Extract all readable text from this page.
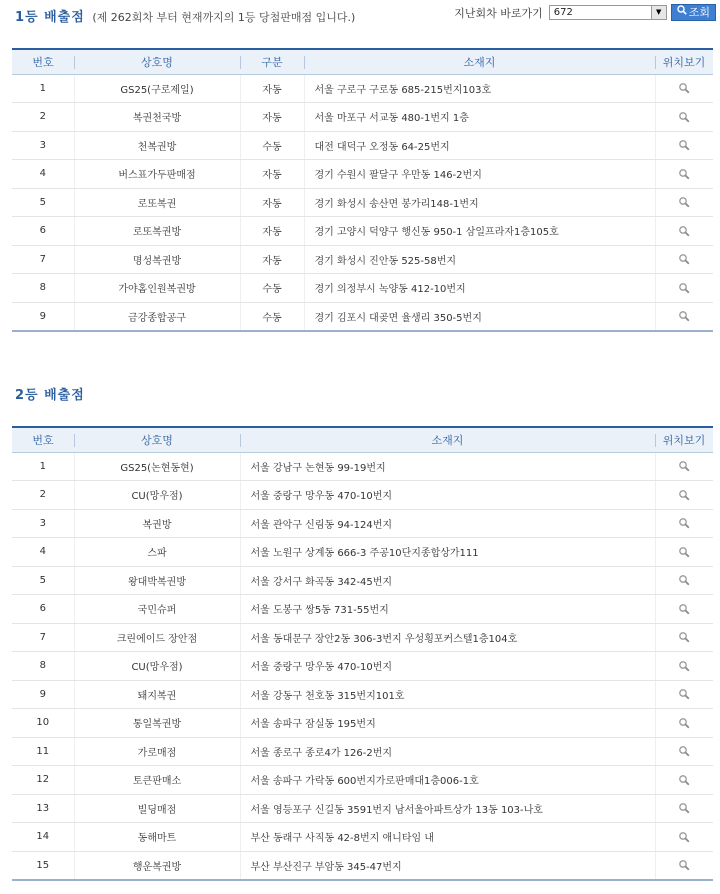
1등 배출점 (제 262회차 부터 현재까지의 1등 당첨판매점 입니다.)	지난회차 바로가기	672	▼	조회
번호	상호명	구분	소재지	위치보기
1	GS25(구로제일)	자동	서울 구로구 구로동 685-215번지103호	
2	복권천국방	자동	서울 마포구 서교동 480-1번지 1층	
3	천복권방	수동	대전 대덕구 오정동 64-25번지	
4	버스표가두판매점	자동	경기 수원시 팔달구 우만동 146-2번지	
5	로또복권	자동	경기 화성시 송산면 봉가리148-1번지	
6	로또복권방	자동	경기 고양시 덕양구 행신동 950-1 삼일프라자1층105호	
7	명성복권방	자동	경기 화성시 진안동 525-58번지	
8	가야홈인원복권방	수동	경기 의정부시 녹양동 412-10번지	
9	금강종합공구	수동	경기 김포시 대곶면 율생리 350-5번지	
2등 배출점
번호	상호명	소재지	위치보기
1	GS25(논현동현)	서울 강남구 논현동 99-19번지	
2	CU(망우점)	서울 중랑구 망우동 470-10번지	
3	복권방	서울 관악구 신림동 94-124번지	
4	스파	서울 노원구 상계동 666-3 주공10단지종합상가111	
5	왕대박복권방	서울 강서구 화곡동 342-45번지	
6	국민슈퍼	서울 도봉구 쌍5동 731-55번지	
7	크린에이드 장안점	서울 동대문구 장안2동 306-3번지 우성횡포커스텔1층104호	
8	CU(망우점)	서울 중랑구 망우동 470-10번지	
9	돼지복권	서울 강동구 천호동 315번지101호	
10	통일복권방	서울 송파구 잠실동 195번지	
11	가로매점	서울 종로구 종로4가 126-2번지	
12	토큰판매소	서울 송파구 가락동 600번지가로판매대1층006-1호	
13	빌딩매점	서울 영등포구 신길동 3591번지 남서울아파트상가 13동 103-나호	
14	동해마트	부산 동래구 사직동 42-8번지 애니타임 내	
15	행운복권방	부산 부산진구 부암동 345-47번지	
